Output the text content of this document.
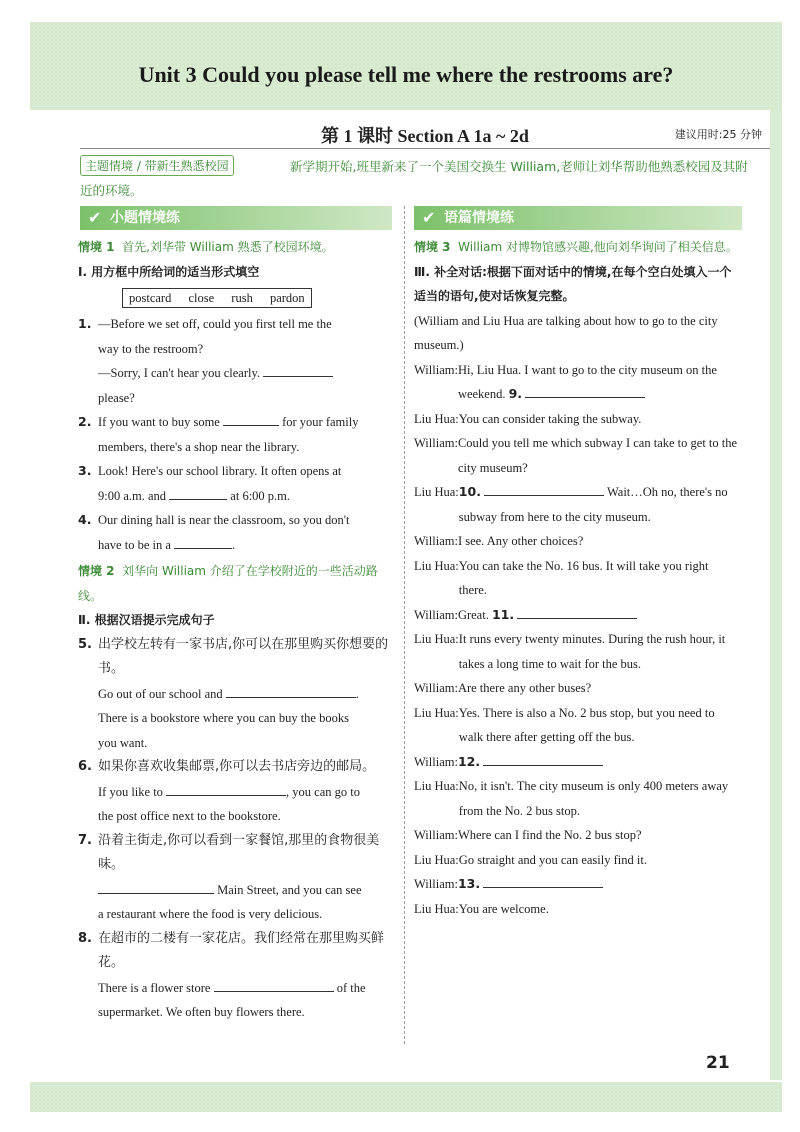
Unit 3 Could you please tell me where the restrooms are?
第 1 课时 Section A 1a ~ 2d	建议用时:25 分钟
新学期开始,班里新来了一个美国交换生 William,老师让刘华帮助他熟悉校园及其附近的环境。
主题情境 / 带新生熟悉校园
✔ 小题情境练	✔ 语篇情境练
情境 1 首先,刘华带 William 熟悉了校园环境。
Ⅰ. 用方框中所给词的适当形式填空
postcard close rush pardon
1. —Before we set off, could you first tell me the
way to the restroom?
—Sorry, I can't hear you clearly.
please?
2. If you want to buy some	for your family
members, there's a shop near the library.
3. Look! Here's our school library. It often opens at
9:00 a.m. and	at 6:00 p.m.
4. Our dining hall is near the classroom, so you don't
have to be in a	.
情境 2 刘华向 William 介绍了在学校附近的一些活动路线。
Ⅱ. 根据汉语提示完成句子
5. 出学校左转有一家书店,你可以在那里购买你想要的书。
Go out of our school and	.
There is a bookstore where you can buy the books
you want.
6. 如果你喜欢收集邮票,你可以去书店旁边的邮局。
If you like to	, you can go to
the post office next to the bookstore.
7. 沿着主街走,你可以看到一家餐馆,那里的食物很美味。
Main Street, and you can see
a restaurant where the food is very delicious.
8. 在超市的二楼有一家花店。我们经常在那里购买鲜花。
There is a flower store	of the
supermarket. We often buy flowers there.
情境 3 William 对博物馆感兴趣,他向刘华询问了相关信息。
Ⅲ. 补全对话:根据下面对话中的情境,在每个空白处填入一个适当的语句,使对话恢复完整。
(William and Liu Hua are talking about how to go to the city museum.)
William: Hi, Liu Hua. I want to go to the city museum on the weekend. 9.
Liu Hua: You can consider taking the subway.
William: Could you tell me which subway I can take to get to the city museum?
Liu Hua: 10.	Wait…Oh no, there's no subway from here to the city museum.
William: I see. Any other choices?
Liu Hua: You can take the No. 16 bus. It will take you right there.
William: Great. 11.
Liu Hua: It runs every twenty minutes. During the rush hour, it takes a long time to wait for the bus.
William: Are there any other buses?
Liu Hua: Yes. There is also a No. 2 bus stop, but you need to walk there after getting off the bus.
William: 12.
Liu Hua: No, it isn't. The city museum is only 400 meters away from the No. 2 bus stop.
William: Where can I find the No. 2 bus stop?
Liu Hua: Go straight and you can easily find it.
William: 13.
Liu Hua: You are welcome.
21
